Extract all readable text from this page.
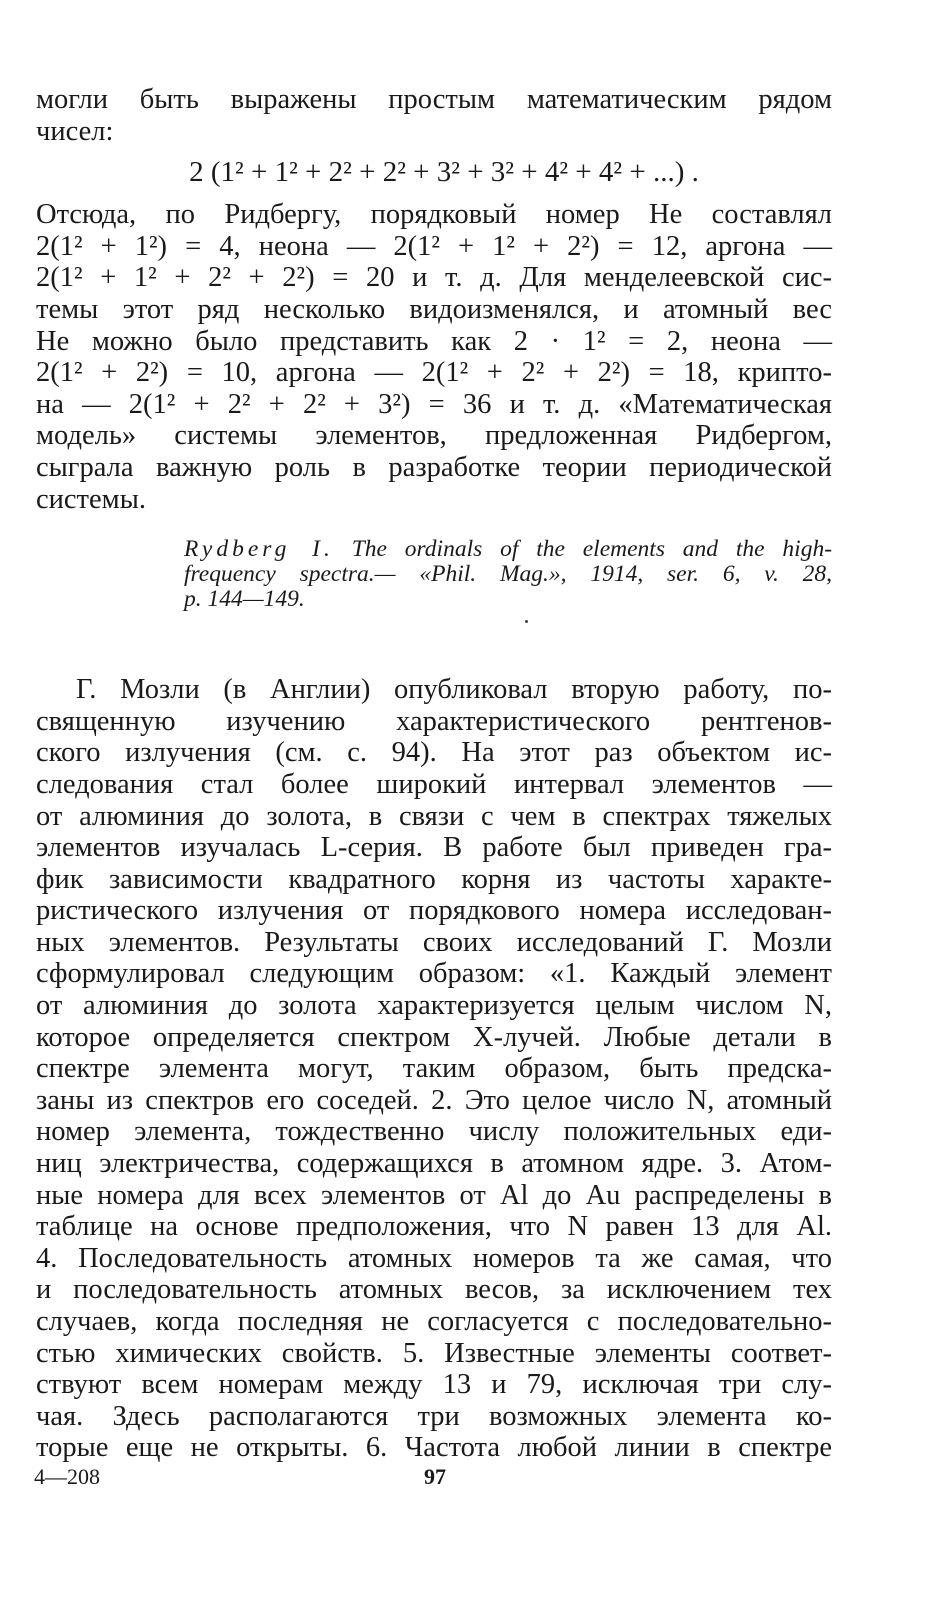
могли быть выражены простым математическим рядом
чисел:
2 (1² + 1² + 2² + 2² + 3² + 3² + 4² + 4² + ...) .
Отсюда, по Ридбергу, порядковый номер Не составлял
2(1² + 1²) = 4, неона — 2(1² + 1² + 2²) = 12, аргона —
2(1² + 1² + 2² + 2²) = 20 и т. д. Для менделеевской сис-
темы этот ряд несколько видоизменялся, и атомный вес
Не можно было представить как 2 · 1² = 2, неона —
2(1² + 2²) = 10, аргона — 2(1² + 2² + 2²) = 18, крипто-
на — 2(1² + 2² + 2² + 3²) = 36 и т. д. «Математическая
модель» системы элементов, предложенная Ридбергом,
сыграла важную роль в разработке теории периодической
системы.
Rydberg I. The ordinals of the elements and the high-
frequency spectra.— «Phil. Mag.», 1914, ser. 6, v. 28,
p. 144—149.
Г. Мозли (в Англии) опубликовал вторую работу, по-
священную изучению характеристического рентгенов-
ского излучения (см. с. 94). На этот раз объектом ис-
следования стал более широкий интервал элементов —
от алюминия до золота, в связи с чем в спектрах тяжелых
элементов изучалась L-серия. В работе был приведен гра-
фик зависимости квадратного корня из частоты характе-
ристического излучения от порядкового номера исследован-
ных элементов. Результаты своих исследований Г. Мозли
сформулировал следующим образом: «1. Каждый элемент
от алюминия до золота характеризуется целым числом N,
которое определяется спектром X-лучей. Любые детали в
спектре элемента могут, таким образом, быть предска-
заны из спектров его соседей. 2. Это целое число N, атомный
номер элемента, тождественно числу положительных еди-
ниц электричества, содержащихся в атомном ядре. 3. Атом-
ные номера для всех элементов от Al до Au распределены в
таблице на основе предположения, что N равен 13 для Al.
4. Последовательность атомных номеров та же самая, что
и последовательность атомных весов, за исключением тех
случаев, когда последняя не согласуется с последовательно-
стью химических свойств. 5. Известные элементы соответ-
ствуют всем номерам между 13 и 79, исключая три слу-
чая. Здесь располагаются три возможных элемента ко-
торые еще не открыты. 6. Частота любой линии в спектре
4—208	97
